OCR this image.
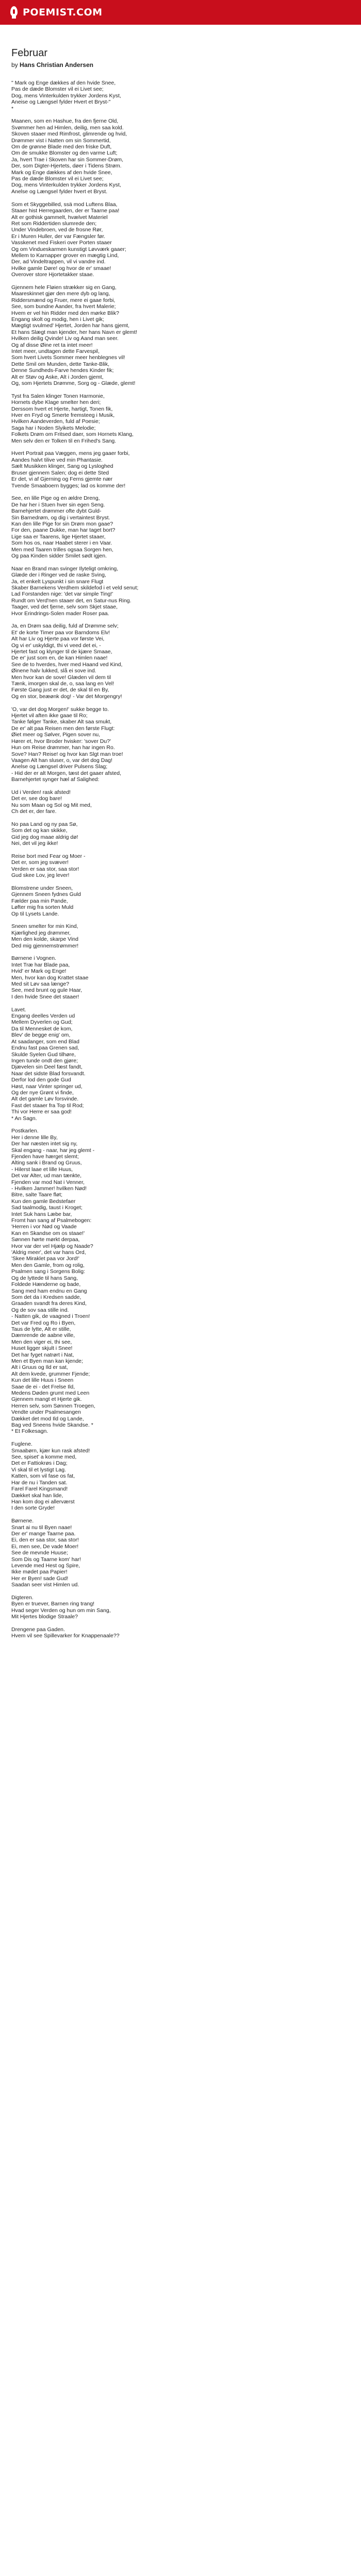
POEMIST.COM
Februar
by Hans Christian Andersen
" Mark og Enge dækkes af den hvide Snee,
Pas de dæde Blomster vil ei Livet see;
Dog, mens Vinterkulden trykker Jordens Kyst,
Aneise og Længsel fylder Hvert et Bryst-"
*
Maanen, som en Hashue, fra den fjerne Old,
Svømmer hen ad Himlen, deilig, men saa kold.
Skoven staaer med Rimfrost, glimrende og hvid,
Drømmer vist i Natten om sin Sommertid,
Om de grønne Blade med den friske Duft,
Om de smukke Blomster og den varme Luft;
Ja, hvert Trae i Skoven har sin Sommer-Drøm,
Der, som Digter-Hjertets, døer i Tidens Strøm.
Mark og Enge dækkes af den hvide Snee,
Pas de dæde Blomster vil ei Livet see;
Dog, mens Vinterkulden trykker Jordens Kyst,
Anelse og Længsel fylder hvert et Bryst.
Som et Skyggebilled, ssä mod Luftens Blaa,
Staaer hist Herregaarden, der er Taarne paa!
Alt er gothisk gammelt, hvælvet Materiel
Ret som Riddertiden slumrede den;
Under Vindebroen, ved de frosne Rør,
Er i Muren Huller, der var Fængsler før.
Vasskenet med Fiskeri over Porten staaer
Og om Vindueskarmen kunstigt Løvværk gaaer;
Mellem to Karnapper grover en mægtig Lind,
Der, ad Vindeltrappen, vil vi vandre ind.
Hvilke gamle Døre! og hvor de er' smaae!
Overover store Hjortetakker staae.
Gjennem hele Fløien strækker sig en Gang,
Maareskinnet gjør den mere dyb og lang,
Riddersmænd og Fruer, mere ei gaae forbi,
See, som bundne Aander, fra hvert Malerie;
Hvem er vel hin Ridder med den mørke Blik?
Engang skolt og modig, hen i Livet gik;
Mægtigt svulmed' Hjertet, Jorden har hans gjemt,
Et hans Slægt man kjender, her hans Navn er glemt!
Hvilken deilig Qvinde! Liv og Aand man seer.
Og af disse Øine ret ta intet meer!
Intet meer, undtagen dette Farvespil,
Som hvert Livets Sommer meer henblegnes vil!
Dette Smil om Munden, dette Tanke-Blik,
Denne Sundheds-Farve hendes Kinder fik;
Alt er Støv og Aske, Alt i Jorden gjemt,
Og, som Hjertets Drømme, Sorg og - Glæde, glemt!
Tyst fra Salen klinger Tonen Harmonie,
Hornets dybe Klage smelter hen deri;
Derssom hvert et Hjerte, hartigt, Tonen fik,
Hver en Fryd og Smerte fremsteeg i Musik,
Hvilken Aandeverden, fuld af Poesie;
Saga har i Noden Slyikets Melodie;
Folkets Drøm om Fritsed daer, som Hornets Klang,
Men selv den er Tolken til en Frihed's Sang.
Hvert Portrait paa Væggen, mens jeg gaaer forbi,
Aandes halvt tilive ved min Phantasie.
Sælt Musikken klinger, Sang og Lysloghed
Bruser gjennem Salen; dog ei dette Sted
Er det, vi af Gjerning og Ferns gjemte nær
Tvende Smaaboern bygges; lad os komme der!
See, en lille Pige og en ældre Dreng,
De har her i Stuen hver sin egen Seng.
Barnehjertet drømmer ofte dybt Guld-
Sin Barnedrøm, og dig i vertaintest Bryst.
Kan den lille Pige for sin Drøm mon gaae?
For den, paane Dukke, man har taget bort?
Lige saa er Taarens, lige Hjertet staaer,
Som hos os, naar Haabet sterer i en Vaar.
Men med Taaren trilles ogsaa Sorgen hen,
Og paa Kinden sidder Smilet sødt igjen.
Naar en Brand man svinger Ilyteligt omkring,
Glæde der i Ringer ved de raske Sving,
Ja, et enkelt Lyspunkt i sin snare Flugt
Skaber Barnekens Verdhem skildefod i et veld senut;
Lad Forstanden nige: 'det var simple Ting!'
Rundt om Verd'nen staaer det, en Satur-nus Ring.
Taager, ved det fjerne, selv som Skjet staae,
Hvor Erindrings-Solen mader Roser paa.
Ja, en Drøm saa deilig, fuld af Drømme selv;
Et' de korte Timer paa vor Barndoms Elv!
Alt har Liv og Hjerte paa vor første Vei,
Og vi er' uskyldigt, thi vi veed det ei, -
Hjertet fast og klynger til de kjære Smaae,
De er' just som en, de kan Himlen naae!
See de to hverdes, hver med Haand ved Kind,
Øinene halv lukked, slå ei sove ind.
Men hvor kan de sove! Glæden vil dem til
Tænk, imorgen skal de, o, saa lang en Vel!
Første Gang just er det, de skal til en By,
Og en stor, beæønk dog! - Var det Morgengry!
'O, var det dog Morgen!' sukke begge to.
Hjertet vil aften ikke gaae til Ro;
Tanke følger Tanke, skaber Alt saa smukt,
De er' alt paa Reisen men den første Flugt:
Øiet meer og Sølver, Pigen sover nu,
Hører et, hvor Broder hvisker: 'sover Du?'
Hun om Reise drømmer, han har ingen Ro.
Sove? Han? Reise! og hvor kan Slgt man troe!
Vaagen Alt han sluser, o, var det dog Dag!
Anelse og Længsel driver Pulsens Slag;
- Hid der er alt Morgen, tæst det gaaer afsted,
Barnehjertet synger hæl af Salighed:
Ud i Verden! rask afsted!
Det er, see dog bare!
Nu som Maan og Sol og Mit med,
Ch det er, der fare.
No paa Land og ny paa Sø,
Som det og kan skikke,
Gid jeg dog maae aldrig dø!
Nei, det vil jeg ikke!
Reise bort med Fear og Moer -
Det er, som jeg svæver!
Verden er saa stor, saa stor!
Gud skee Lov, jeg lever!
Blomstrene under Sneen,
Gjennem Sneen fydnes Guld
Fælder paa min Pande,
Løfter mig fra sorten Muld
Op til Lysets Lande.
Sneen smelter for min Kind,
Kjærlighed jeg drømmer,
Men den kolde, skarpe Vind
Ded mig gjennemstrømmer!
Børnene i Vognen.
Intet Træ har Blade paa,
Hvid' er Mark og Enge!
Men, hvor kan dog Krattet staae
Med sit Løv saa længe?
See, med brunt og gule Haar,
I den hvide Snee det staaer!
Lavet.
Engang deelles Verden ud
Mellem Dyverlen og Gud;
Da til Mennesket de kom,
Blev' de begge enig' om,
At saadanger, som end Blad
Endnu fast paa Grenen sad,
Skulde Syelen Gud tilhøre,
Ingen tunde ondt den gjøre;
Djævelen sin Deel fæst fandt,
Naar det sidste Blad forsvandt.
Derfor lod den gode Gud
Høst, naar Vinter springer ud,
Og der nye Grønt vi finde,
Alt det gamle Løv forsvinde.
Fast det staaer fra Top til Rod;
Thi vor Herre er saa god!
* An Sagn.
Postkarlen.
Her i denne lille By,
Der har næsten intet sig ny,
Skal engang - naar, har jeg glemt -
Fjenden have hærget slemt;
Alting sank i Brand og Gruus,
- Hilerst laae et lille Huus,
Det var Alter, ud man tænkte,
Fjenden var mod Nat i Venner,
- Hvilken Jammer! hvilken Nød!
Bitre, salte Taare fløt;
Kun den gamle Bedstefaer
Sad taalmodig, taust i Kroget;
Intet Suk hans Læbe bar,
Fromt han sang af Psalmebogen:
'Herren i vor Nød og Vaade
Kan en Skandse om os staae!'
Sønnen hørte mørkt derpaa,
Hvor var der vel Hjælp og Naade?
'Aldrig meer', det var hans Ord,
'Skee Miraklet paa vor Jord!'
Men den Gamle, from og rolig,
Psalmen sang i Sorgens Bolig:
Og de lyttede til hans Sang,
Foldede Hænderne og bade,
Sang med ham endnu en Gang
Som det da i Kredsen sadde,
Graaden svandt fra deres Kind,
Og de sov saa stille ind.
- Natten gik, de vaagned i Troen!
Det var Fred og Ro i Byen,
Taus de lytte, Alt er stille,
Dæmrende de aabne ville,
Men den viger ei, thi see,
Huset ligger skjult i Snee!
Det har fyget natrørt i Nat,
Men et Byen man kan kjende;
Alt i Gruus og Ild er sat,
Alt dem kvede, grummer Fjende;
Kun det lille Huus i Sneen
Saae de ei - det Frelse Ild,
Medens Døden grumt med Leen
Gjennem mangt et Hjerte gik.
Herren selv, som Sønnen Troegen,
Vendte under Psalmesangen
Dækket det mod Ild og Lande,
Bag ved Sneens hvide Skandse. *
* Et Folkesagn.
Fuglene.
Smaabørn, kjær kun rask afsted!
See, spiset' a komme med,
Det er Fattiokrøs i Dag;
Vi skal til et lystigt Lag.
Katten, som vil fase os fat,
Har de nu i Tanden sat.
Farel Farel Kingsmand!
Dækket skal han lide,
Han kom dog ei allerværst
I den sorte Gryde!
Børnene.
Snart ai nu til Byen naae!
Der er' mange Taarne paa.
Ei, den er saa stor, saa stor!
Ei, men see, De vade Moer!
See de mevnde Huuse;
Som Dis og Taarne kom' har!
Levende med Hest og Spire,
Ikke mødet paa Papier!
Her er Byen! sade Gud!
Saadan seer vist Himlen ud.
Digteren.
Byen er truever, Barnen ring trang!
Hvad seger Verden og hun om min Sang,
Mit Hjertes blodige Straale?
Drengene paa Gaden.
Hvem vil see Spillevarker for Knappenaale??
